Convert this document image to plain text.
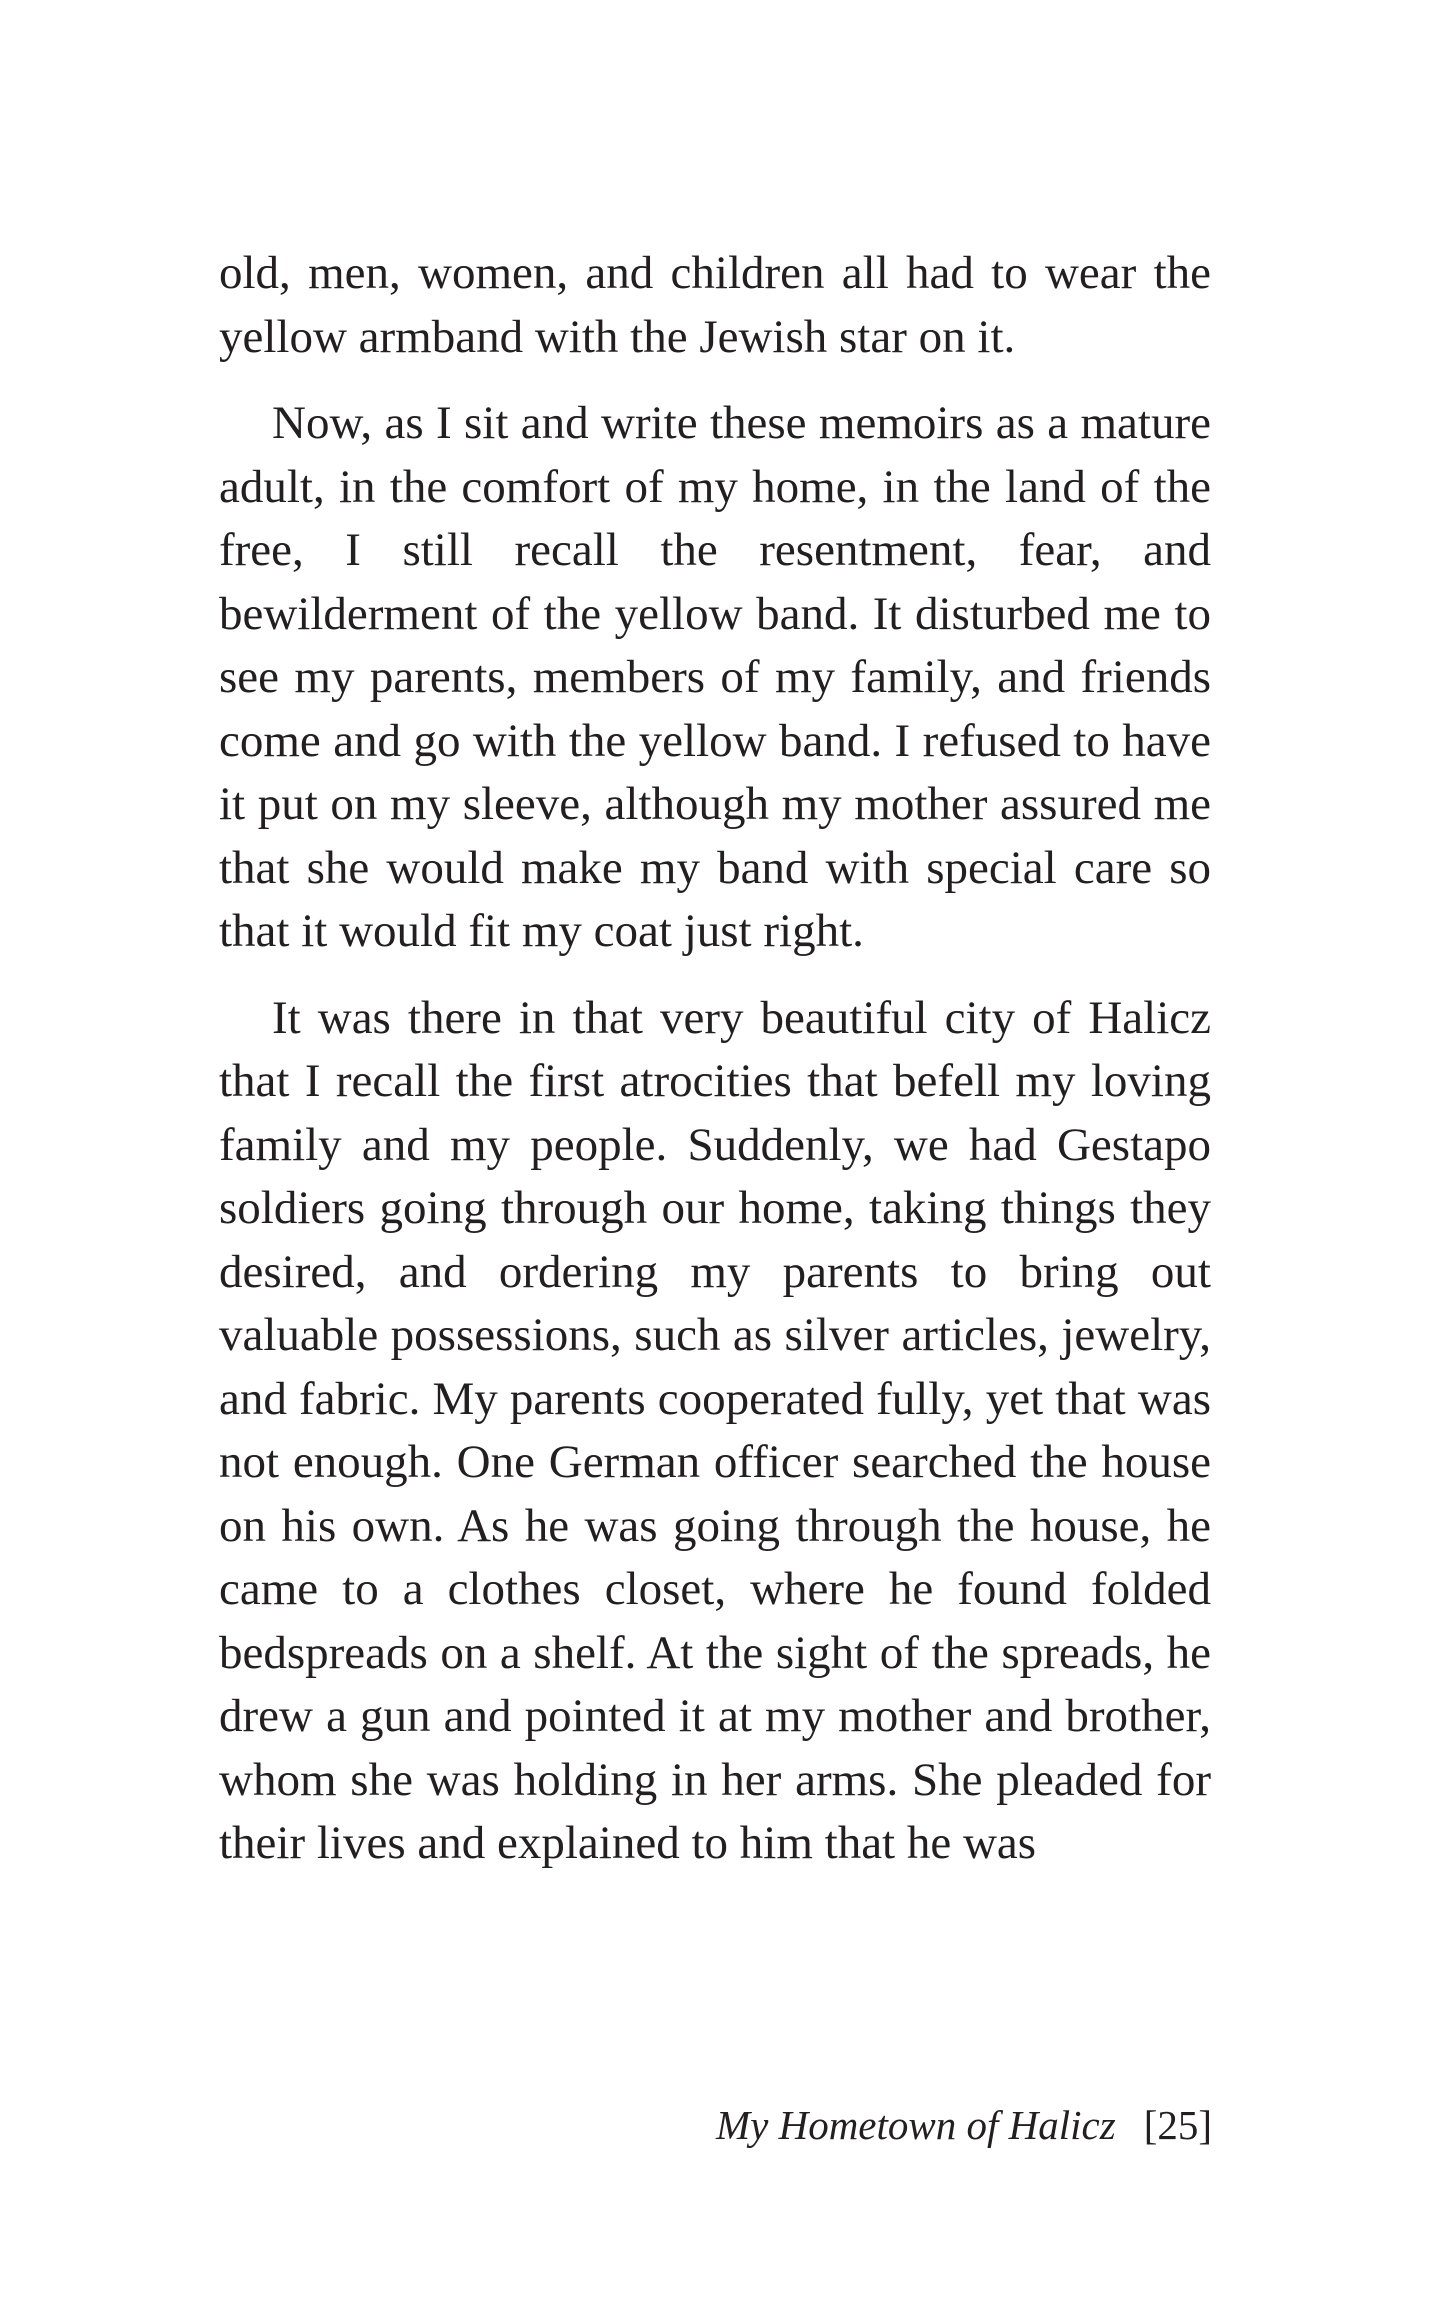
old, men, women, and children all had to wear the yellow armband with the Jewish star on it.

Now, as I sit and write these memoirs as a mature adult, in the comfort of my home, in the land of the free, I still recall the resentment, fear, and bewilderment of the yellow band. It disturbed me to see my parents, members of my family, and friends come and go with the yellow band. I refused to have it put on my sleeve, although my mother assured me that she would make my band with special care so that it would fit my coat just right.

It was there in that very beautiful city of Halicz that I recall the first atrocities that befell my loving family and my people. Suddenly, we had Gestapo soldiers going through our home, taking things they desired, and ordering my parents to bring out valuable possessions, such as silver articles, jewelry, and fabric. My parents cooperated fully, yet that was not enough. One German officer searched the house on his own. As he was going through the house, he came to a clothes closet, where he found folded bedspreads on a shelf. At the sight of the spreads, he drew a gun and pointed it at my mother and brother, whom she was holding in her arms. She pleaded for their lives and explained to him that he was

My Hometown of Halicz [25]
